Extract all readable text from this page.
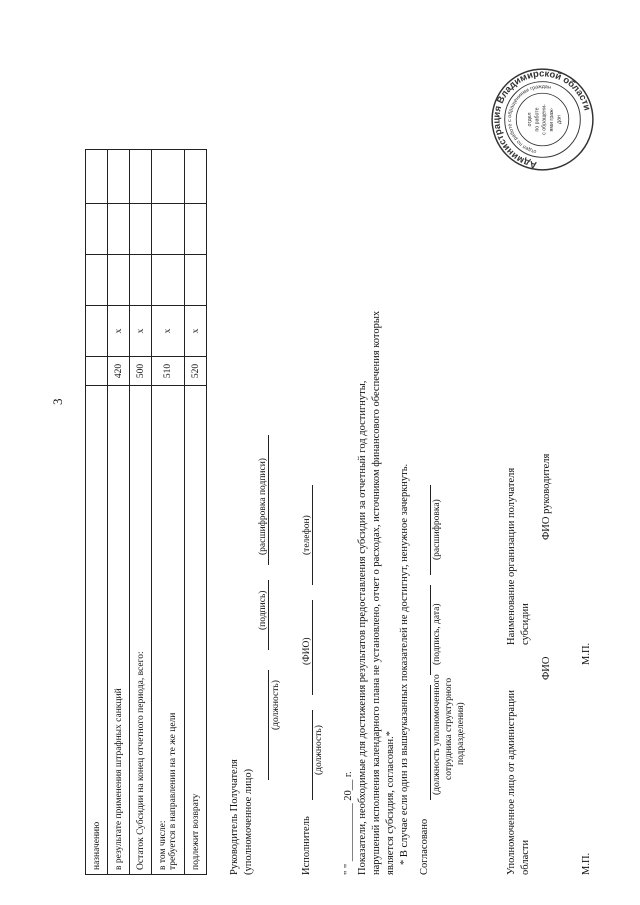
3
назначению					
в результате применения штрафных санкций	420	x			
Остаток Субсидии на конец отчетного периода, всего:	500	x			

в том числе: требуется в направлении на те же цели	510	x			
подлежит возврату	520	x			
Руководитель Получателя (уполномоченное лицо)
(должность)
(подпись)
(расшифровка подписи)
Исполнитель
(должность)
(ФИО)
(телефон)
" " ___________ 20__ г. Показатели, необходимые для достижения результатов предоставления субсидии за отчетный год достигнуты, нарушений исполнения календарного плана не установлено, отчет о расходах, источником финансового обеспечения которых является субсидия, согласован.* * В случае если один из вышеуказанных показателей не достигнут, ненужное зачеркнуть. Согласовано
(должность уполномоченного сотрудника структурного подразделения)
(подпись, дата)
(расшифровка)
Уполномоченное лицо от администрации области
Наименование организации получателя субсидии
ФИО
ФИО руководителя
М.П.
М.П.
Администрация Владимирской области
отдел по работе с обращениями граждан
отдел по работе с обращени- ями граж- дан
